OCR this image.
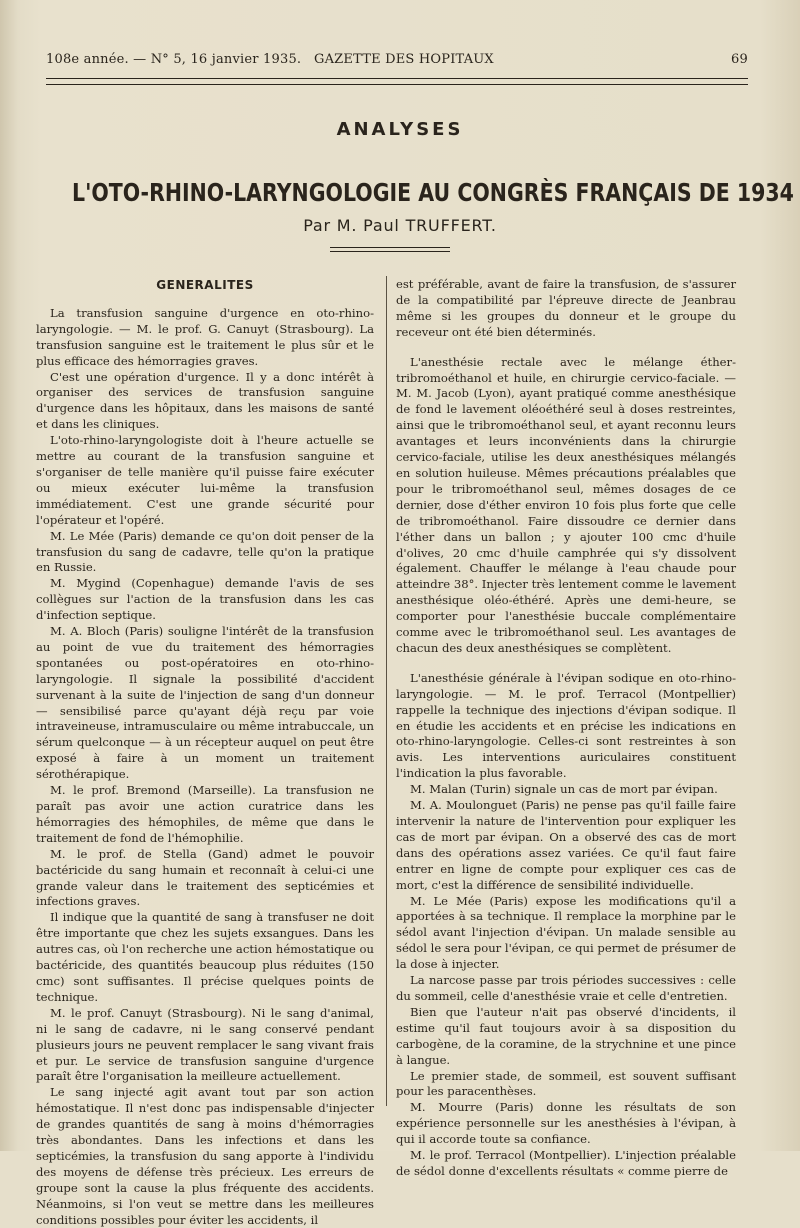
108e année. — N° 5, 16 janvier 1935. GAZETTE DES HOPITAUX	69
ANALYSES
L'OTO-RHINO-LARYNGOLOGIE AU CONGRÈS FRANÇAIS DE 1934
Par M. Paul TRUFFERT.
GENERALITES

La transfusion sanguine d'urgence en oto-rhino-laryngologie. — M. le prof. G. Canuyt (Strasbourg). La transfusion sanguine est le traitement le plus sûr et le plus efficace des hémorragies graves.

C'est une opération d'urgence. Il y a donc intérêt à organiser des services de transfusion sanguine d'urgence dans les hôpitaux, dans les maisons de santé et dans les cliniques.

L'oto-rhino-laryngologiste doit à l'heure actuelle se mettre au courant de la transfusion sanguine et s'organiser de telle manière qu'il puisse faire exécuter ou mieux exécuter lui-même la transfusion immédiatement. C'est une grande sécurité pour l'opérateur et l'opéré.

M. Le Mée (Paris) demande ce qu'on doit penser de la transfusion du sang de cadavre, telle qu'on la pratique en Russie.

M. Mygind (Copenhague) demande l'avis de ses collègues sur l'action de la transfusion dans les cas d'infection septique.

M. A. Bloch (Paris) souligne l'intérêt de la transfusion au point de vue du traitement des hémorragies spontanées ou post-opératoires en oto-rhino-laryngologie. Il signale la possibilité d'accident survenant à la suite de l'injection de sang d'un donneur — sensibilisé parce qu'ayant déjà reçu par voie intraveineuse, intramusculaire ou même intrabuccale, un sérum quelconque — à un récepteur auquel on peut être exposé à faire à un moment un traitement sérothérapique.

M. le prof. Bremond (Marseille). La transfusion ne paraît pas avoir une action curatrice dans les hémorragies des hémophiles, de même que dans le traitement de fond de l'hémophilie.

M. le prof. de Stella (Gand) admet le pouvoir bactéricide du sang humain et reconnaît à celui-ci une grande valeur dans le traitement des septicémies et infections graves.

Il indique que la quantité de sang à transfuser ne doit être importante que chez les sujets exsangues. Dans les autres cas, où l'on recherche une action hémostatique ou bactéricide, des quantités beaucoup plus réduites (150 cmc) sont suffisantes. Il précise quelques points de technique.

M. le prof. Canuyt (Strasbourg). Ni le sang d'animal, ni le sang de cadavre, ni le sang conservé pendant plusieurs jours ne peuvent remplacer le sang vivant frais et pur. Le service de transfusion sanguine d'urgence paraît être l'organisation la meilleure actuellement.

Le sang injecté agit avant tout par son action hémostatique. Il n'est donc pas indispensable d'injecter de grandes quantités de sang à moins d'hémorragies très abondantes. Dans les infections et dans les septicémies, la transfusion du sang apporte à l'individu des moyens de défense très précieux. Les erreurs de groupe sont la cause la plus fréquente des accidents. Néanmoins, si l'on veut se mettre dans les meilleures conditions possibles pour éviter les accidents, il

est préférable, avant de faire la transfusion, de s'assurer de la compatibilité par l'épreuve directe de Jeanbrau même si les groupes du donneur et le groupe du receveur ont été bien déterminés.

L'anesthésie rectale avec le mélange éther-tribromoéthanol et huile, en chirurgie cervico-faciale. — M. M. Jacob (Lyon), ayant pratiqué comme anesthésique de fond le lavement oléoéthéré seul à doses restreintes, ainsi que le tribromoéthanol seul, et ayant reconnu leurs avantages et leurs inconvénients dans la chirurgie cervico-faciale, utilise les deux anesthésiques mélangés en solution huileuse. Mêmes précautions préalables que pour le tribromoéthanol seul, mêmes dosages de ce dernier, dose d'éther environ 10 fois plus forte que celle de tribromoéthanol. Faire dissoudre ce dernier dans l'éther dans un ballon ; y ajouter 100 cmc d'huile d'olives, 20 cmc d'huile camphrée qui s'y dissolvent également. Chauffer le mélange à l'eau chaude pour atteindre 38°. Injecter très lentement comme le lavement anesthésique oléo-éthéré. Après une demi-heure, se comporter pour l'anesthésie buccale complémentaire comme avec le tribromoéthanol seul. Les avantages de chacun des deux anesthésiques se complètent.

L'anesthésie générale à l'évipan sodique en oto-rhino-laryngologie. — M. le prof. Terracol (Montpellier) rappelle la technique des injections d'évipan sodique. Il en étudie les accidents et en précise les indications en oto-rhino-laryngologie. Celles-ci sont restreintes à son avis. Les interventions auriculaires constituent l'indication la plus favorable.

M. Malan (Turin) signale un cas de mort par évipan.

M. A. Moulonguet (Paris) ne pense pas qu'il faille faire intervenir la nature de l'intervention pour expliquer les cas de mort par évipan. On a observé des cas de mort dans des opérations assez variées. Ce qu'il faut faire entrer en ligne de compte pour expliquer ces cas de mort, c'est la différence de sensibilité individuelle.

M. Le Mée (Paris) expose les modifications qu'il a apportées à sa technique. Il remplace la morphine par le sédol avant l'injection d'évipan. Un malade sensible au sédol le sera pour l'évipan, ce qui permet de présumer de la dose à injecter.

La narcose passe par trois périodes successives : celle du sommeil, celle d'anesthésie vraie et celle d'entretien.

Bien que l'auteur n'ait pas observé d'incidents, il estime qu'il faut toujours avoir à sa disposition du carbogène, de la coramine, de la strychnine et une pince à langue.

Le premier stade, de sommeil, est souvent suffisant pour les paracenthèses.

M. Mourre (Paris) donne les résultats de son expérience personnelle sur les anesthésies à l'évipan, à qui il accorde toute sa confiance.

M. le prof. Terracol (Montpellier). L'injection préalable de sédol donne d'excellents résultats « comme pierre de
